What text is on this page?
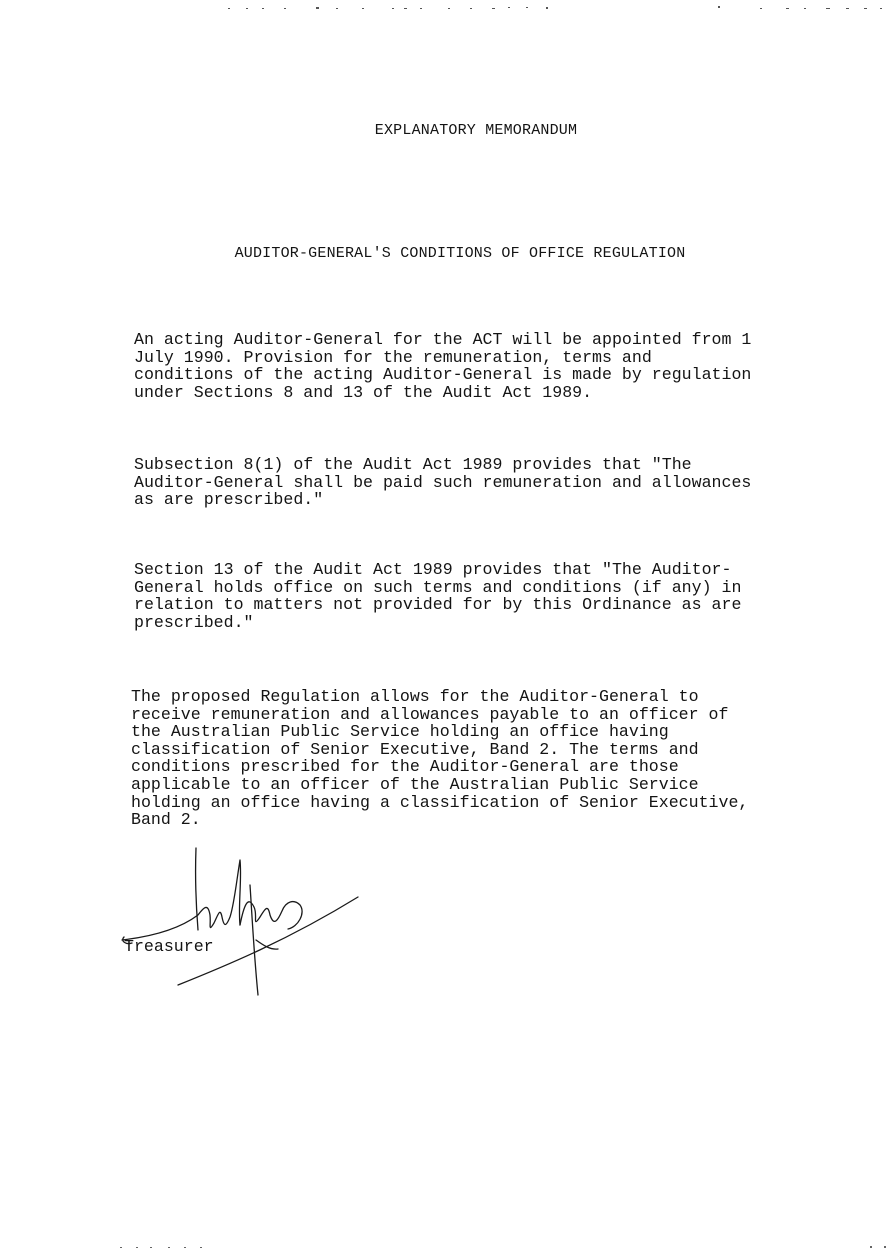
EXPLANATORY MEMORANDUM
AUDITOR-GENERAL'S CONDITIONS OF OFFICE REGULATION

An acting Auditor-General for the ACT will be appointed from 1
July 1990. Provision for the remuneration, terms and
conditions of the acting Auditor-General is made by regulation
under Sections 8 and 13 of the Audit Act 1989.

Subsection 8(1) of the Audit Act 1989 provides that "The
Auditor-General shall be paid such remuneration and allowances
as are prescribed."

Section 13 of the Audit Act 1989 provides that "The Auditor-
General holds office on such terms and conditions (if any) in
relation to matters not provided for by this Ordinance as are
prescribed."

The proposed Regulation allows for the Auditor-General to
receive remuneration and allowances payable to an officer of
the Australian Public Service holding an office having
classification of Senior Executive, Band 2. The terms and
conditions prescribed for the Auditor-General are those
applicable to an officer of the Australian Public Service
holding an office having a classification of Senior Executive,
Band 2.

Treasurer
